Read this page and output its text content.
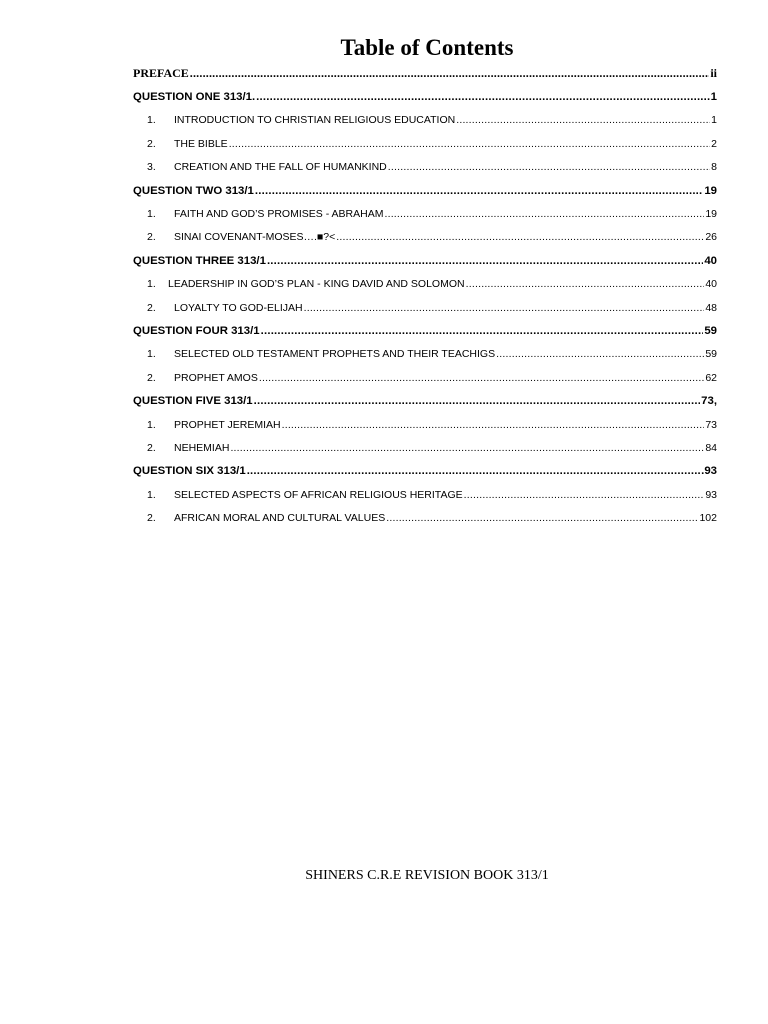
Table of Contents
PREFACE .....	ii
QUESTION ONE 313/1. .....	1
1.	INTRODUCTION TO CHRISTIAN RELIGIOUS EDUCATION .....	1
2.	THE BIBLE .....	2
3.	CREATION AND THE FALL OF HUMANKIND .....	8
QUESTION TWO 313/1 .....	19
1.	FAITH AND GOD’S PROMISES - ABRAHAM .....	19
2.	SINAI COVENANT-MOSES….■?< .....	26
QUESTION THREE 313/1 .....	40
1.	LEADERSHIP IN GOD’S PLAN - KING DAVID AND SOLOMON .....	40
2.	LOYALTY TO GOD-ELIJAH .....	48
QUESTION FOUR 313/1 .....	59
1.	SELECTED OLD TESTAMENT PROPHETS AND THEIR TEACHIGS .....	59
2.	PROPHET AMOS .....	62
QUESTION FIVE 313/1 .....	73,
1.	PROPHET JEREMIAH .....	73
2.	NEHEMIAH .....	84
QUESTION SIX 313/1 .....	.93
1.	SELECTED ASPECTS OF AFRICAN RELIGIOUS HERITAGE .....	93
2.	AFRICAN MORAL AND CULTURAL VALUES .....	102
SHINERS C.R.E REVISION BOOK 313/1
